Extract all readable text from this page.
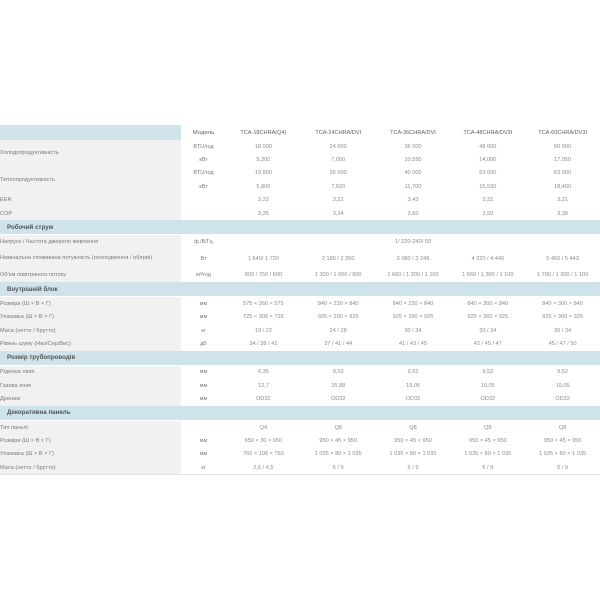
	Модель	TCA-18CHRA(Q4)	TCA-24CHRA/DVI	TCA-36CHRA/DVI	TCA-48CHRA/DV3I	TCA-60CHRA/DV3I
Холодопродуктивність	BTU/год	18 000	24 000	36 000	48 000	60 000
	кВт	5,300	7,050	10,550	14,000	17,050
Теплопродуктивність	BTU/год	19 800	26 000	40 000	53 000	63 000
	кВт	5,800	7,620	11,700	15,530	18,400
EER		3,22	3,22	3,43	3,32	3,21
COP		3,35	3,34	3,60	3,50	3,38
Робочий струм						
Напруга / Частота джерело живлення	ф./В/Гц	1/ 220-240/ 50				
Номінальна споживана потужність (охолодження / обігрів)	Вт	1 640/ 1 720	2 180 / 2 350	3 080 / 3 248	4 220 / 4 440	5 450 / 5 443
Об'єм повітряного потоку	м³/год	800 / 750 / 600	1 300 / 1 000 / 900	1 660 / 1 300 / 1 100	1 660 / 1 300 / 1 100	1 700 / 1 300 / 1 100
Внутрішній блок						
Розміри (Ш × В × Г)	мм	575 × 260 × 575	840 × 230 × 840	840 × 230 × 840	840 × 300 × 840	840 × 300 × 840
Упаковка (Ш × В × Г)	мм	725 × 300 × 725	925 × 290 × 925	925 × 290 × 925	925 × 360 × 925	925 × 360 × 925
Маса (нетто / брутто)	кг	19 / 22	24 / 28	30 / 34	30 / 34	30 / 34
Рівень шуму (Низ/Сер/Вис)	дБ	34 / 38 / 41	37 / 41 / 44	41 / 43 / 45	42 / 45 / 47	45 / 47 / 50
Розмір трубопроводів						
Рідинна лінія	мм	6,35	9,52	9,52	9,52	9,52
Газова лінія	мм	12,7	15,88	19,05	19,05	19,05
Дренаж	мм	OD32	OD32	OD32	OD32	OD32
Декоративна панель						
Тип панелі		Q4	Q8	Q8	Q8	Q8
Розміри (Ш × В × Г)	мм	650 × 30 × 650	950 × 45 × 950	950 × 45 × 950	950 × 45 × 950	950 × 45 × 950
Упаковка (Ш × В × Г)	мм	760 × 100 × 760	1 035 × 80 × 1 035	1 035 × 80 × 1 035	1 035 × 80 × 1 035	1 035 × 80 × 1 035
Маса (нетто / брутто)	кг	2,5 / 4,5	6 / 9	6 / 9	6 / 9	6 / 9
